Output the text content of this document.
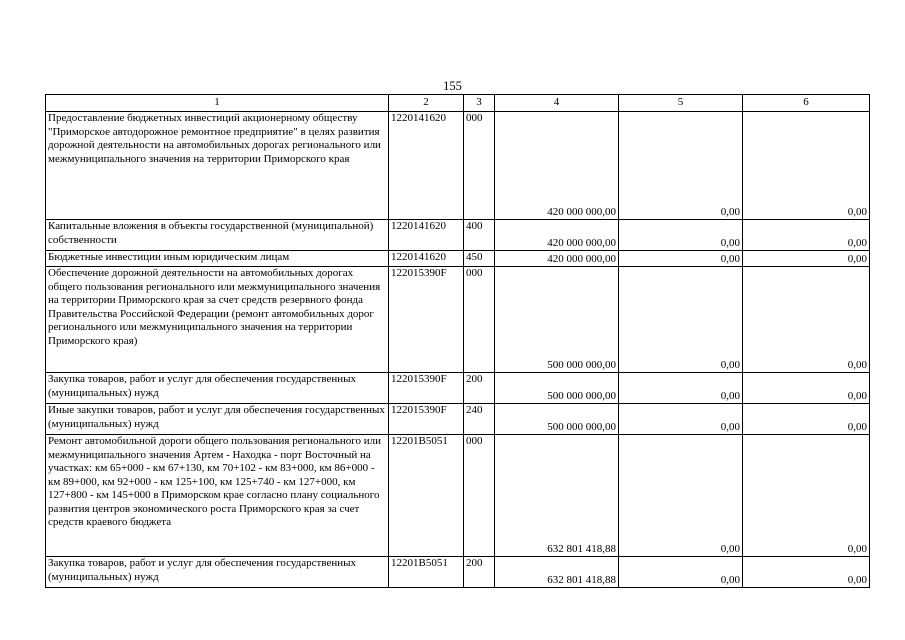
155
1	2	3	4	5	6
Предоставление бюджетных инвестиций акционерному обществу "Приморское автодорожное ремонтное предприятие" в целях развития дорожной деятельности на автомобильных дорогах регионального или межмуниципального значения на территории Приморского края	1220141620	000	420 000 000,00	0,00	0,00
Капитальные вложения в объекты государственной (муниципальной) собственности	1220141620	400	420 000 000,00	0,00	0,00
Бюджетные инвестиции иным юридическим лицам	1220141620	450	420 000 000,00	0,00	0,00
Обеспечение дорожной деятельности на автомобильных дорогах общего пользования регионального или межмуниципального значения на территории Приморского края за счет средств резервного фонда Правительства Российской Федерации (ремонт автомобильных дорог регионального или межмуниципального значения на территории Приморского края)	122015390F	000	500 000 000,00	0,00	0,00
Закупка товаров, работ и услуг для обеспечения государственных (муниципальных) нужд	122015390F	200	500 000 000,00	0,00	0,00
Иные закупки товаров, работ и услуг для обеспечения государственных (муниципальных) нужд	122015390F	240	500 000 000,00	0,00	0,00
Ремонт автомобильной дороги общего пользования регионального или межмуниципального значения Артем - Находка - порт Восточный на участках: км 65+000 - км 67+130, км 70+102 - км 83+000, км 86+000 - км 89+000, км 92+000 - км 125+100, км 125+740 - км 127+000, км 127+800 - км 145+000 в Приморском крае согласно плану социального развития центров экономического роста Приморского края за счет средств краевого бюджета	12201B5051	000	632 801 418,88	0,00	0,00
Закупка товаров, работ и услуг для обеспечения государственных (муниципальных) нужд	12201B5051	200	632 801 418,88	0,00	0,00
